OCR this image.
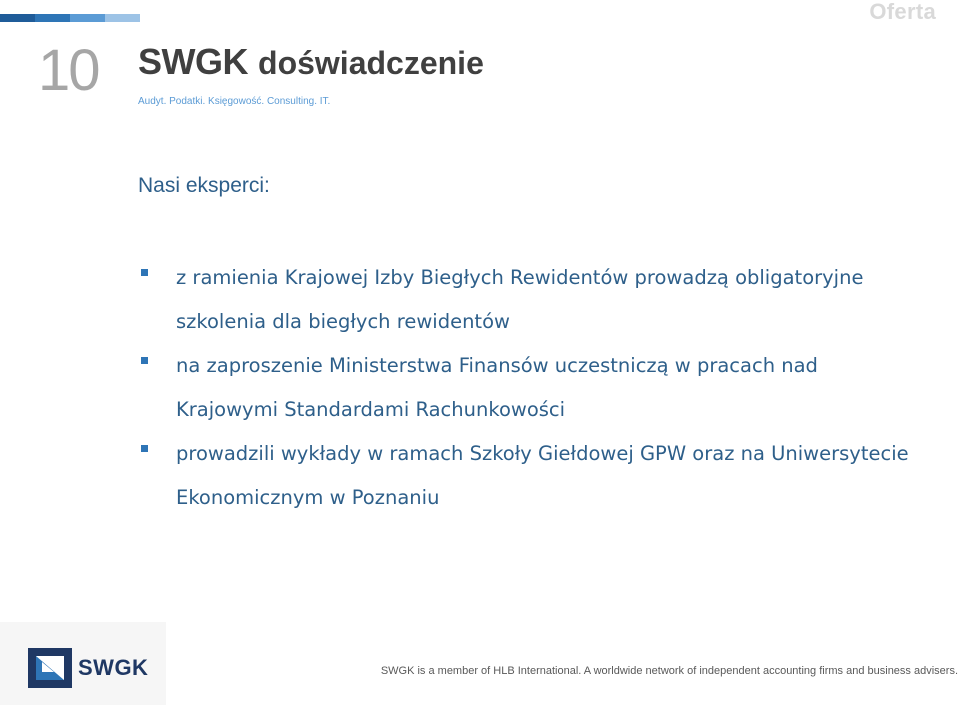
Oferta
10 SWGK doświadczenie
Audyt. Podatki. Księgowość. Consulting. IT.
Nasi eksperci:
z ramienia Krajowej Izby Biegłych Rewidentów prowadzą obligatoryjne szkolenia dla biegłych rewidentów
na zaproszenie Ministerstwa Finansów uczestniczą w pracach nad Krajowymi Standardami Rachunkowości
prowadzili wykłady w ramach Szkoły Giełdowej GPW oraz na Uniwersytecie Ekonomicznym w Poznaniu
SWGK	SWGK is a member of HLB International. A worldwide network of independent accounting firms and business advisers.
